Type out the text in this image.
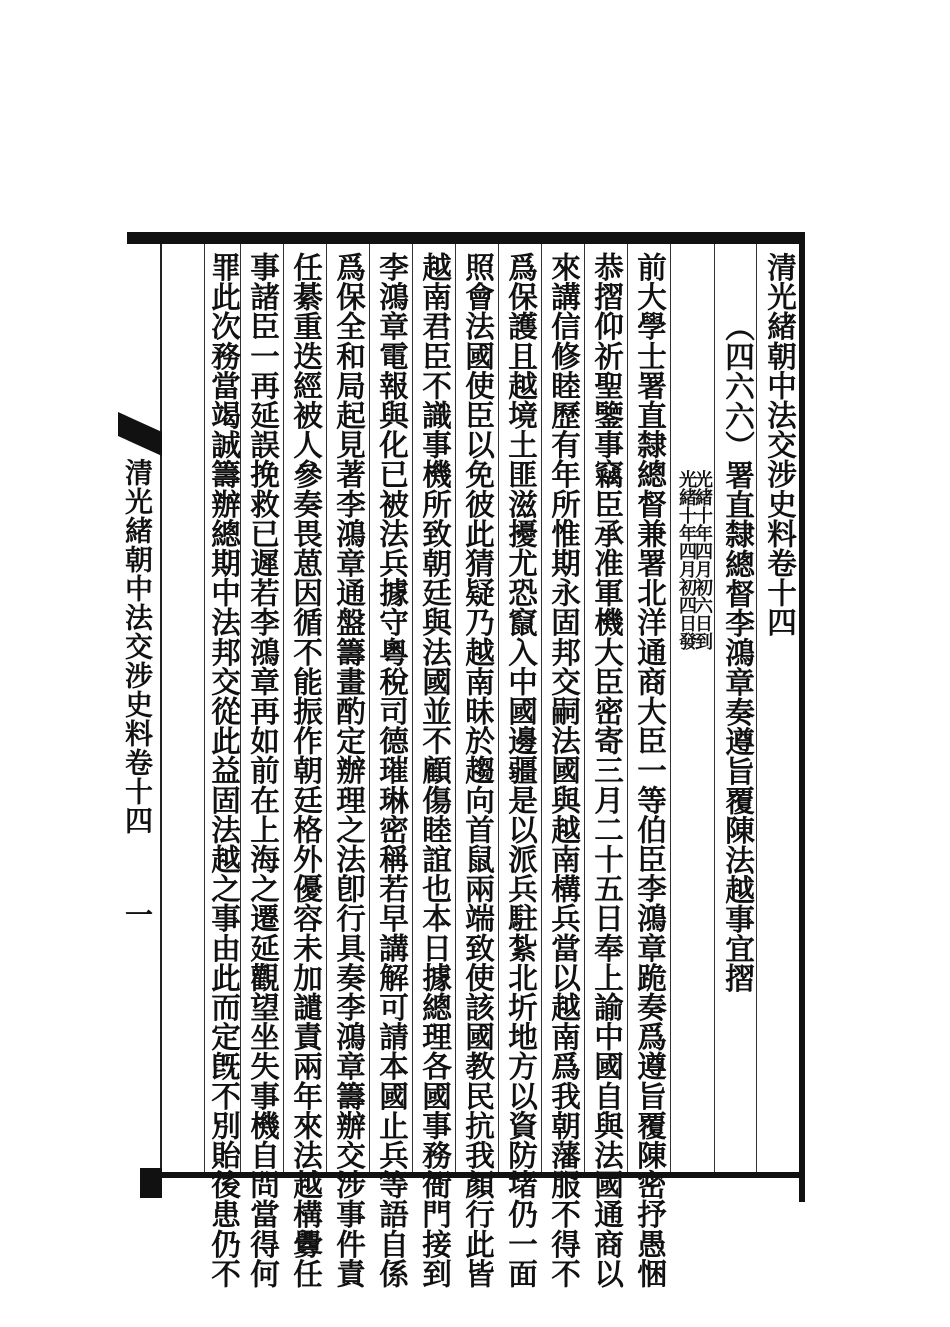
清光緒朝中法交涉史料卷十四
一
清光緒朝中法交涉史料卷十四
（四六六）署直隸總督李鴻章奏遵旨覆陳法越事宜摺
光緒十年四月初六日到
光緒十年四月初四日發
前大學士署直隸總督兼署北洋通商大臣一等伯臣李鴻章跪奏爲遵旨覆陳密抒愚悃
恭摺仰祈聖鑒事竊臣承准軍機大臣密寄三月二十五日奉上諭中國自與法國通商以
來講信修睦歷有年所惟期永固邦交嗣法國與越南構兵當以越南爲我朝藩服不得不
爲保護且越境土匪滋擾尤恐竄入中國邊疆是以派兵駐紮北圻地方以資防堵仍一面
照會法國使臣以免彼此猜疑乃越南昧於趨向首鼠兩端致使該國教民抗我顏行此皆
越南君臣不識事機所致朝廷與法國並不顧傷睦誼也本日據總理各國事務衙門接到
李鴻章電報與化已被法兵據守粵稅司德璀琳密稱若早講解可請本國止兵等語自係
爲保全和局起見著李鴻章通盤籌畫酌定辦理之法卽行具奏李鴻章籌辦交涉事件責
任綦重迭經被人參奏畏葸因循不能振作朝廷格外優容未加譴責兩年來法越構釁任
事諸臣一再延誤挽救已遲若李鴻章再如前在上海之遷延觀望坐失事機自問當得何
罪此次務當竭誠籌辦總期中法邦交從此益固法越之事由此而定旣不別貽後患仍不
